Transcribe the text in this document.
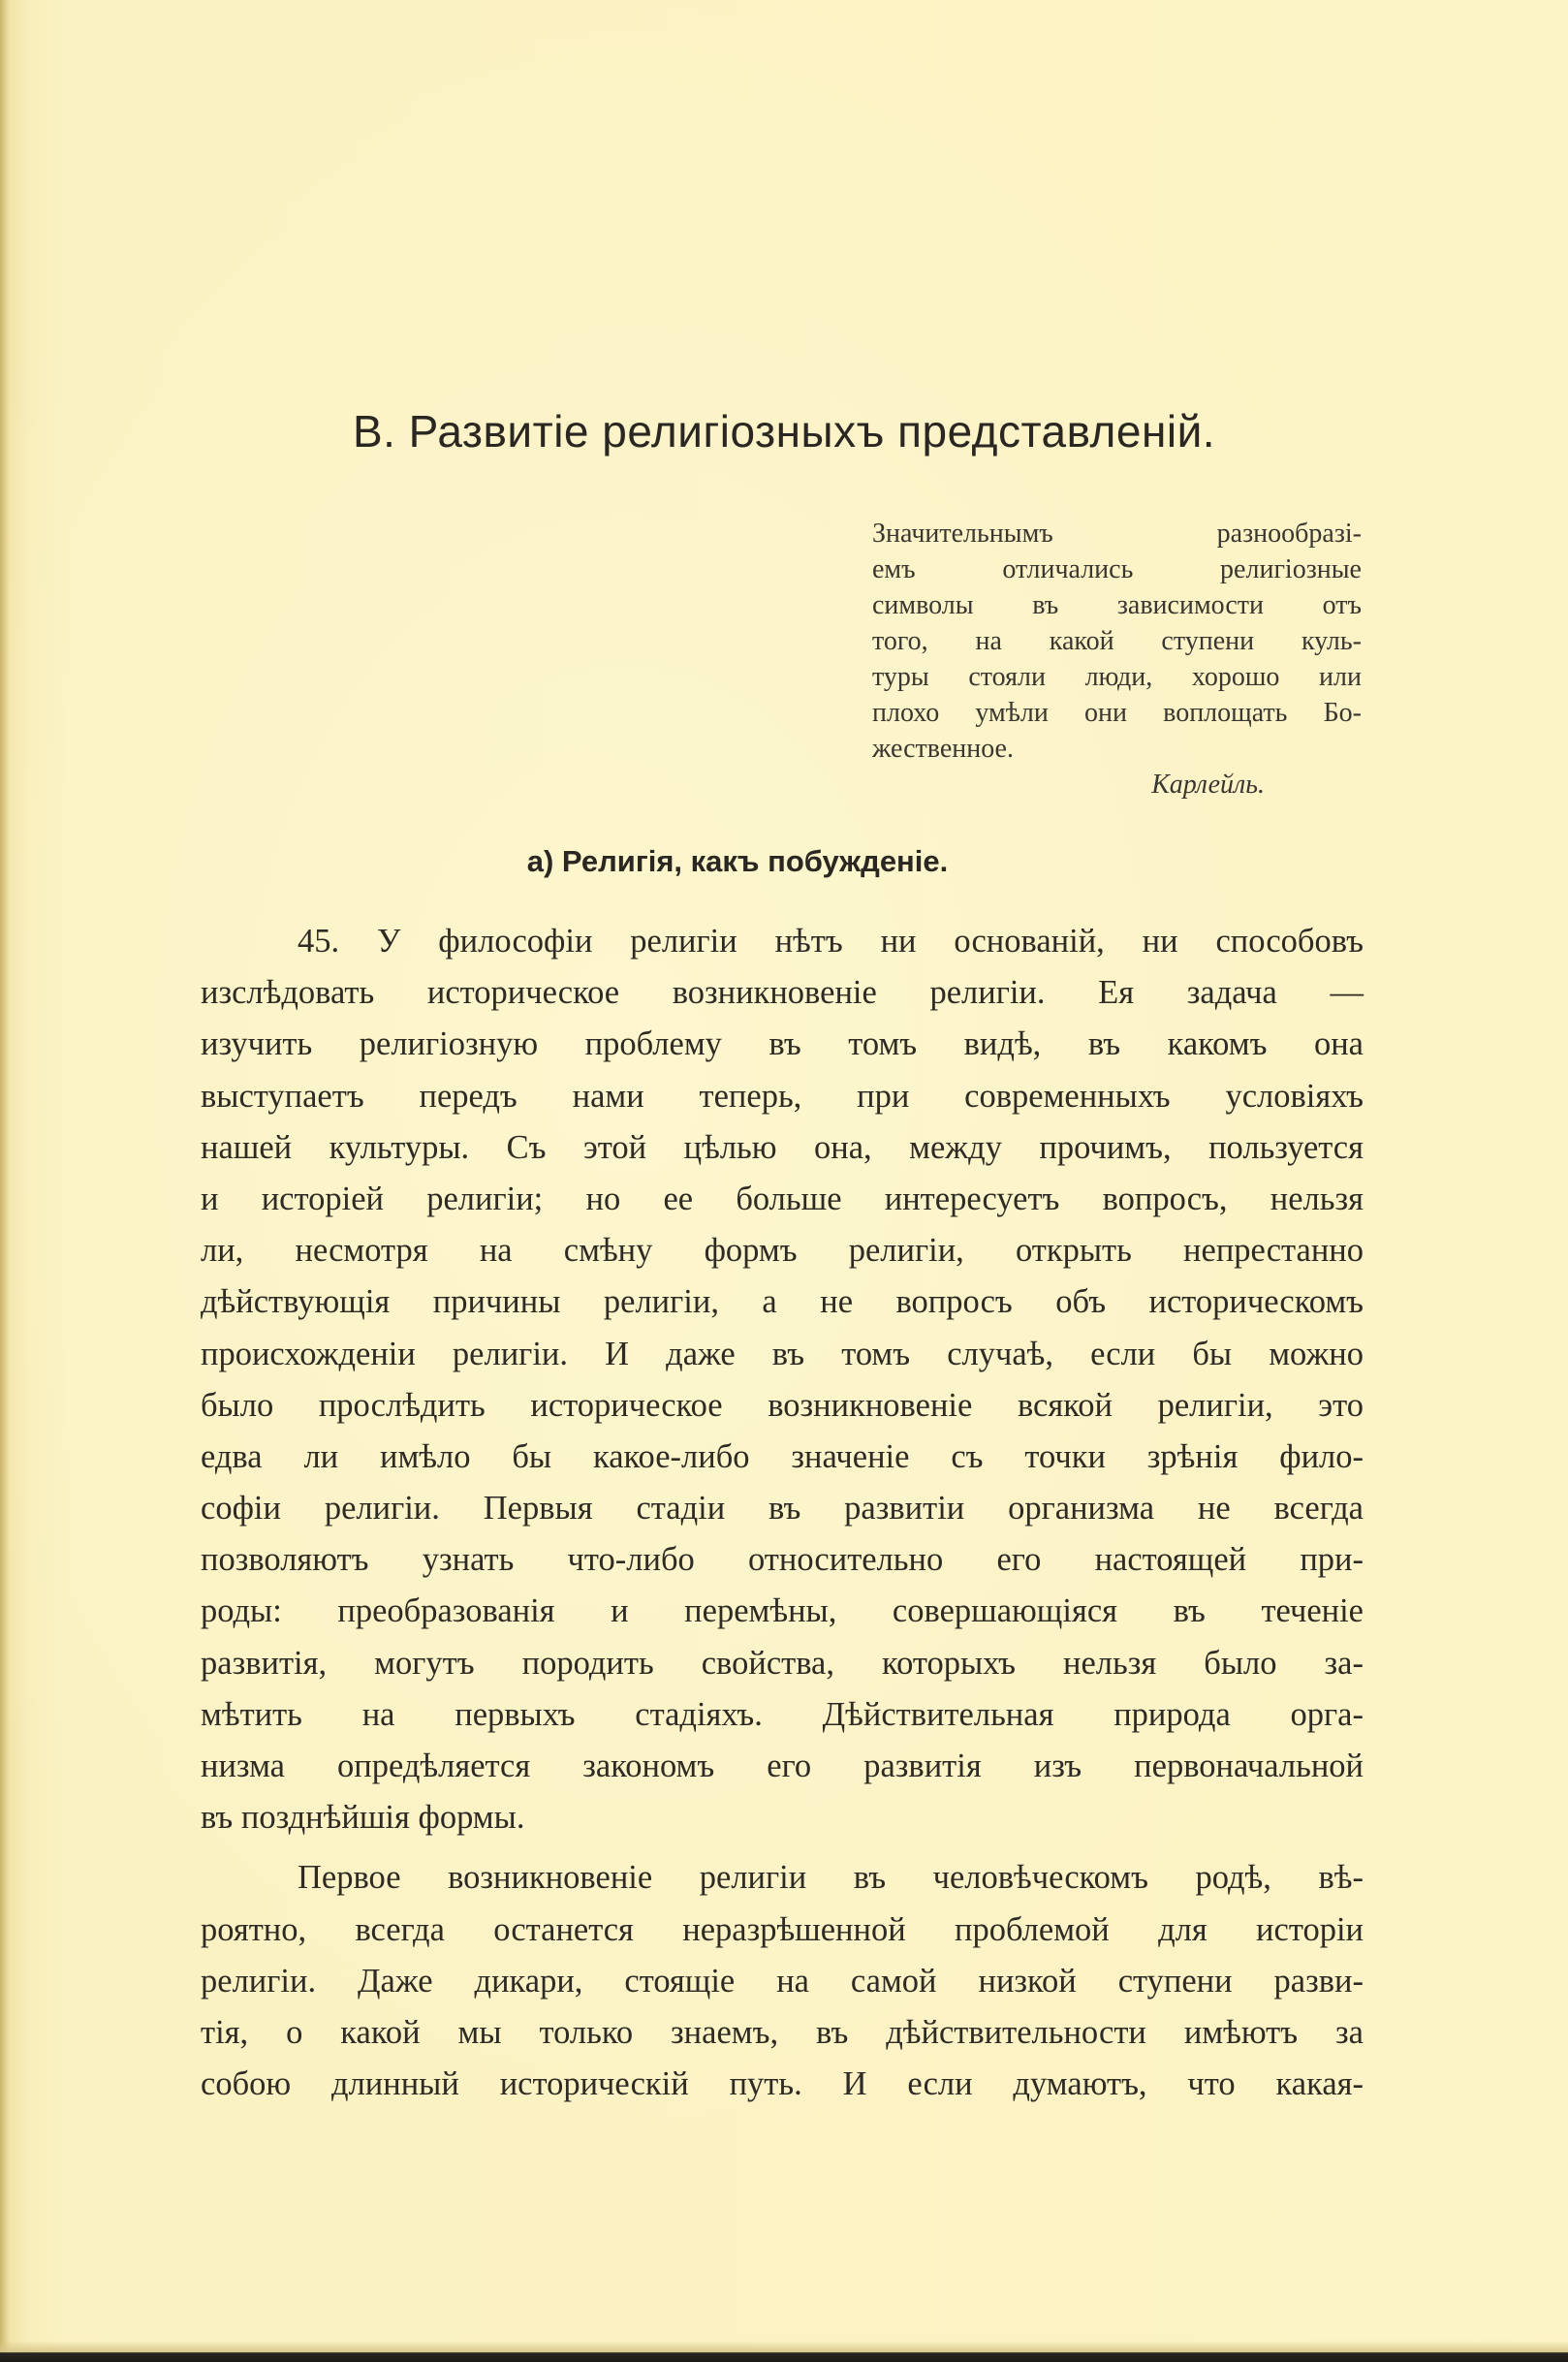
В. Развитіе религіозныхъ представленій.
Значительнымъ разнообразі-
емъ отличались религіозные
символы въ зависимости отъ
того, на какой ступени куль-
туры стояли люди, хорошо или
плохо умѣли они воплощать Бо-
жественное.
Карлейль.
а) Религія, какъ побужденіе.
45. У философіи религіи нѣтъ ни основаній, ни способовъ
изслѣдовать историческое возникновеніе религіи. Ея задача —
изучить религіозную проблему въ томъ видѣ, въ какомъ она
выступаетъ передъ нами теперь, при современныхъ условіяхъ
нашей культуры. Съ этой цѣлью она, между прочимъ, пользуется
и исторіей религіи; но ее больше интересуетъ вопросъ, нельзя
ли, несмотря на смѣну формъ религіи, открыть непрестанно
дѣйствующія причины религіи, а не вопросъ объ историческомъ
происхожденіи религіи. И даже въ томъ случаѣ, если бы можно
было прослѣдить историческое возникновеніе всякой религіи, это
едва ли имѣло бы какое-либо значеніе съ точки зрѣнія фило-
софіи религіи. Первыя стадіи въ развитіи организма не всегда
позволяютъ узнать что-либо относительно его настоящей при-
роды: преобразованія и перемѣны, совершающіяся въ теченіе
развитія, могутъ породить свойства, которыхъ нельзя было за-
мѣтить на первыхъ стадіяхъ. Дѣйствительная природа орга-
низма опредѣляется закономъ его развитія изъ первоначальной
въ позднѣйшія формы.
Первое возникновеніе религіи въ человѣческомъ родѣ, вѣ-
роятно, всегда останется неразрѣшенной проблемой для исторіи
религіи. Даже дикари, стоящіе на самой низкой ступени разви-
тія, о какой мы только знаемъ, въ дѣйствительности имѣютъ за
собою длинный историческій путь. И если думаютъ, что какая-
